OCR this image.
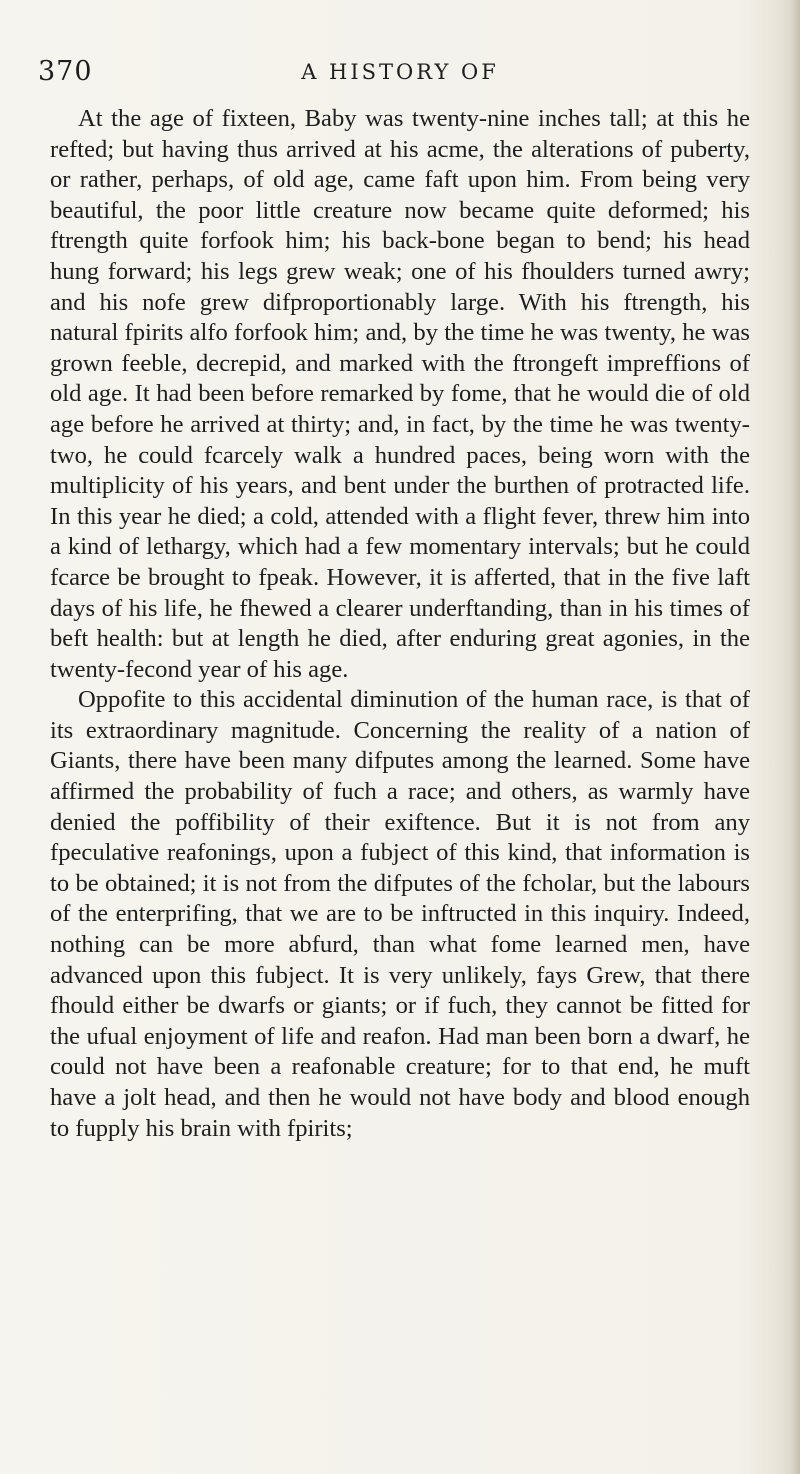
370	A HISTORY OF

At the age of fixteen, Baby was twenty-nine inches tall; at this he refted; but having thus arrived at his acme, the alterations of puberty, or rather, perhaps, of old age, came faft upon him. From being very beautiful, the poor little creature now became quite deformed; his ftrength quite forfook him; his back-bone began to bend; his head hung forward; his legs grew weak; one of his fhoulders turned awry; and his nofe grew difproportionably large. With his ftrength, his natural fpirits alfo forfook him; and, by the time he was twenty, he was grown feeble, decrepid, and marked with the ftrongeft impreffions of old age. It had been before remarked by fome, that he would die of old age before he arrived at thirty; and, in fact, by the time he was twenty-two, he could fcarcely walk a hundred paces, being worn with the multiplicity of his years, and bent under the burthen of protracted life. In this year he died; a cold, attended with a flight fever, threw him into a kind of lethargy, which had a few momentary intervals; but he could fcarce be brought to fpeak. However, it is afferted, that in the five laft days of his life, he fhewed a clearer underftanding, than in his times of beft health: but at length he died, after enduring great agonies, in the twenty-fecond year of his age.

Oppofite to this accidental diminution of the human race, is that of its extraordinary magnitude. Concerning the reality of a nation of Giants, there have been many difputes among the learned. Some have affirmed the probability of fuch a race; and others, as warmly have denied the poffibility of their exiftence. But it is not from any fpeculative reafonings, upon a fubject of this kind, that information is to be obtained; it is not from the difputes of the fcholar, but the labours of the enterprifing, that we are to be inftructed in this inquiry. Indeed, nothing can be more abfurd, than what fome learned men, have advanced upon this fubject. It is very unlikely, fays Grew, that there fhould either be dwarfs or giants; or if fuch, they cannot be fitted for the ufual enjoyment of life and reafon. Had man been born a dwarf, he could not have been a reafonable creature; for to that end, he muft have a jolt head, and then he would not have body and blood enough to fupply his brain with fpirits;
